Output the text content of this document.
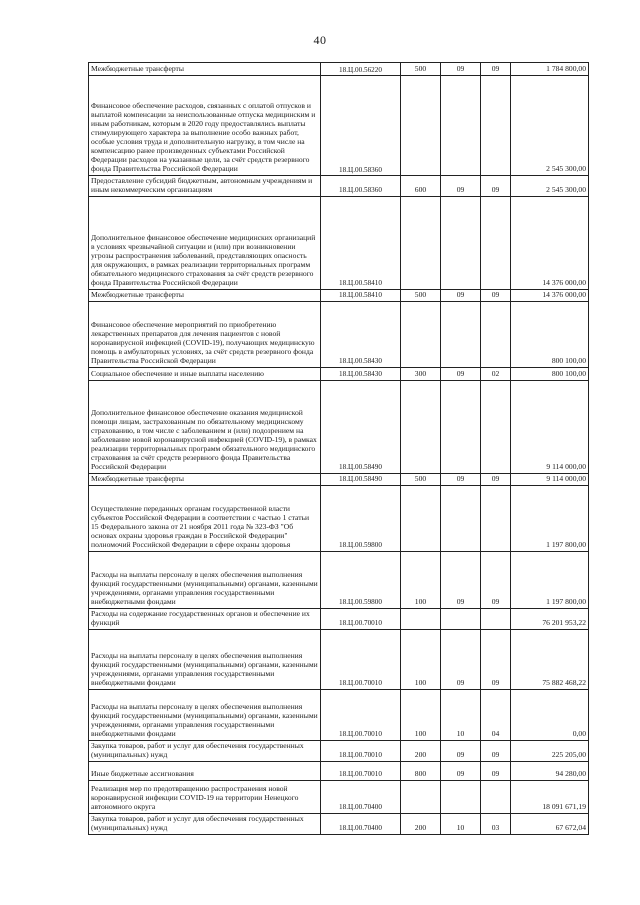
40
Межбюджетные трансферты	18.Ц.00.56220	500	09	09	1 784 800,00

Финансовое обеспечение расходов, связанных с оплатой отпусков и выплатой компенсации за неиспользованные отпуска медицинским и иным работникам, которым в 2020 году предоставлялись выплаты стимулирующего характера за выполнение особо важных работ, особые условия труда и дополнительную нагрузку, в том числе на компенсацию ранее произведенных субъектами Российской Федерации расходов на указанные цели, за счёт средств резервного фонда Правительства Российской Федерации	18.Ц.00.58360				2 545 300,00

Предоставление субсидий бюджетным, автономным учреждениям и иным некоммерческим организациям	18.Ц.00.58360	600	09	09	2 545 300,00

Дополнительное финансовое обеспечение медицинских организаций в условиях чрезвычайной ситуации и (или) при возникновении угрозы распространения заболеваний, представляющих опасность для окружающих, в рамках реализации территориальных программ обязательного медицинского страхования за счёт средств резервного фонда Правительства Российской Федерации	18.Ц.00.58410				14 376 000,00

Межбюджетные трансферты	18.Ц.00.58410	500	09	09	14 376 000,00

Финансовое обеспечение мероприятий по приобретению лекарственных препаратов для лечения пациентов с новой коронавирусной инфекцией (COVID-19), получающих медицинскую помощь в амбулаторных условиях, за счёт средств резервного фонда Правительства Российской Федерации	18.Ц.00.58430				800 100,00

Социальное обеспечение и иные выплаты населению	18.Ц.00.58430	300	09	02	800 100,00

Дополнительное финансовое обеспечение оказания медицинской помощи лицам, застрахованным по обязательному медицинскому страхованию, в том числе с заболеванием и (или) подозрением на заболевание новой коронавирусной инфекцией (COVID-19), в рамках реализации территориальных программ обязательного медицинского страхования за счёт средств резервного фонда Правительства Российской Федерации	18.Ц.00.58490				9 114 000,00

Межбюджетные трансферты	18.Ц.00.58490	500	09	09	9 114 000,00

Осуществление переданных органам государственной власти субъектов Российской Федерации в соответствии с частью 1 статьи 15 Федерального закона от 21 ноября 2011 года № 323-ФЗ "Об основах охраны здоровья граждан в Российской Федерации" полномочий Российской Федерации в сфере охраны здоровья	18.Ц.00.59800				1 197 800,00

Расходы на выплаты персоналу в целях обеспечения выполнения функций государственными (муниципальными) органами, казенными учреждениями, органами управления государственными внебюджетными фондами	18.Ц.00.59800	100	09	09	1 197 800,00

Расходы на содержание государственных органов и обеспечение их функций	18.Ц.00.70010				76 201 953,22

Расходы на выплаты персоналу в целях обеспечения выполнения функций государственными (муниципальными) органами, казенными учреждениями, органами управления государственными внебюджетными фондами	18.Ц.00.70010	100	09	09	75 882 468,22

Расходы на выплаты персоналу в целях обеспечения выполнения функций государственными (муниципальными) органами, казенными учреждениями, органами управления государственными внебюджетными фондами	18.Ц.00.70010	100	10	04	0,00

Закупка товаров, работ и услуг для обеспечения государственных (муниципальных) нужд	18.Ц.00.70010	200	09	09	225 205,00

Иные бюджетные ассигнования	18.Ц.00.70010	800	09	09	94 280,00

Реализация мер по предотвращению распространения новой коронавирусной инфекции COVID-19 на территории Ненецкого автономного округа	18.Ц.00.70400				18 091 671,19

Закупка товаров, работ и услуг для обеспечения государственных (муниципальных) нужд	18.Ц.00.70400	200	10	03	67 672,04
